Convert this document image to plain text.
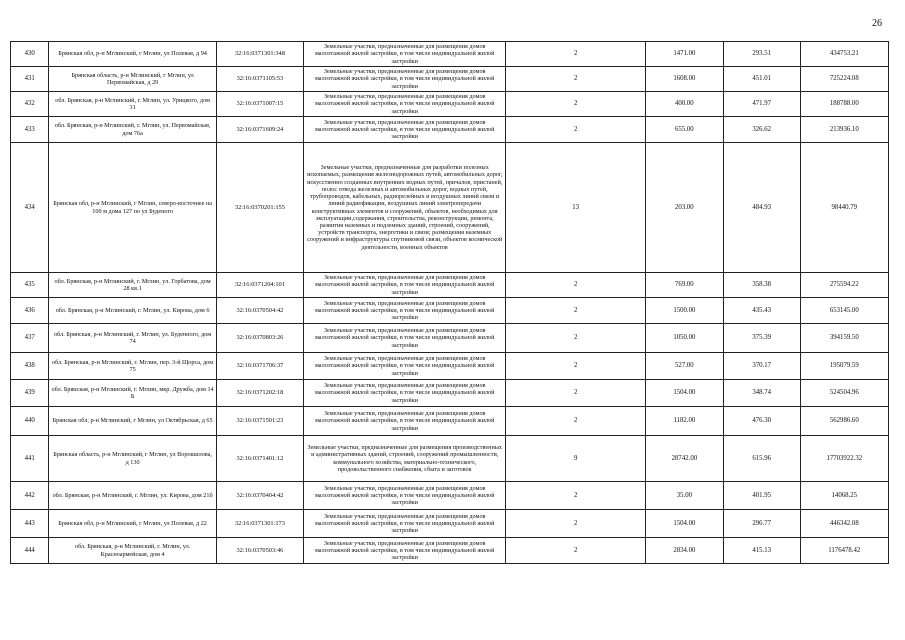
26
430	Брянская обл, р-н Мглинский, г Мглин, ул Полевая, д 94	32:16:0371301:348	Земельные участки, предназначенные для размещения домов малоэтажной жилой застройки, в том числе индивидуальной жилой застройки	2	1471.00	293.51	434753.21
431	Брянская область, р-н Мглинский, г Мглин, ул Первомайская, д 29	32:16:0371105:53	Земельные участки, предназначенные для размещения домов малоэтажной жилой застройки, в том числе индивидуальной жилой застройки	2	1608.00	451.01	725224.08
432	обл. Брянская, р-н Мглинский, г. Мглин, ул. Урицкого, дом 31	32:16:0371007:15	Земельные участки, предназначенные для размещения домов малоэтажной жилой застройки, в том числе индивидуальной жилой застройки	2	400.00	471.97	188788.00
433	обл. Брянская, р-н Мглинский, г. Мглин, ул. Первомайская, дом 76а	32:16:0371609:24	Земельные участки, предназначенные для размещения домов малоэтажной жилой застройки, в том числе индивидуальной жилой застройки	2	655.00	326.62	213936.10
434	Брянская обл, р-н Мглинский, г Мглин, северо-восточнее на 100 м дома 127 по ул Буденого	32:16:0370201:155	Земельные участки, предназначенные для разработки полезных ископаемых, размещения железнодорожных путей, автомобильных дорог, искусственно созданных внутренних водных путей, причалов, пристаней, полос отвода железных и автомобильных дорог, водных путей, трубопроводов, кабельных, радиорелейных и воздушных линий связи и линий радиофикации, воздушных линий электропередачи конструктивных элементов и сооружений, объектов, необходимых для эксплуатации,содержания, строительства, реконструкции, ремонта, развития наземных и подземных зданий, строений, сооружений, устройств транспорта, энергетики и связи; размещения наземных сооружений и инфраструктуры спутниковой связи, объектов космической деятельности, военных объектов	13	203.00	484.93	98440.79
435	обл. Брянская, р-н Мглинский, г. Мглин, ул. Горбатова, дом 28 кв.1	32:16:0371204:101	Земельные участки, предназначенные для размещения домов малоэтажной жилой застройки, в том числе индивидуальной жилой застройки	2	769.00	358.38	275594.22
436	обл. Брянская, р-н Мглинский, г. Мглин, ул. Кирова, дом 6	32:16:0370504:42	Земельные участки, предназначенные для размещения домов малоэтажной жилой застройки, в том числе индивидуальной жилой застройки	2	1500.00	435.43	653145.00
437	обл. Брянская, р-н Мглинский, г. Мглин, ул. Буденного, дом 74	32:16:0370803:26	Земельные участки, предназначенные для размещения домов малоэтажной жилой застройки, в том числе индивидуальной жилой застройки	2	1050.00	375.39	394159.50
438	обл. Брянская, р-н Мглинский, г. Мглин, пер. 3-й Щорса, дом 75	32:16:0371706:37	Земельные участки, предназначенные для размещения домов малоэтажной жилой застройки, в том числе индивидуальной жилой застройки	2	527.00	370.17	195079.59
439	обл. Брянская, р-н Мглинский, г. Мглин, мкр. Дружба, дом 14 Б	32:16:0371202:18	Земельные участки, предназначенные для размещения домов малоэтажной жилой застройки, в том числе индивидуальной жилой застройки	2	1504.00	348.74	524504.96
440	Брянская обл, р-н Мглинский, г Мглин, ул Октябрьская, д 65	32:16:0371501:23	Земельные участки, предназначенные для размещения домов малоэтажной жилой застройки, в том числе индивидуальной жилой застройки	2	1182.00	476.30	562986.60
441	Брянская область, р-н Мглинский, г Мглин, ул Ворошилова, д 130	32:16:0371401:12	Земельные участки, предназначенные для размещения производственных и административных зданий, строений, сооружений промышленности, коммунального хозяйства, материально-технического, продовольственного снабжения, сбыта и заготовок	9	28742.00	615.96	17703922.32
442	обл. Брянская, р-н Мглинский, г. Мглин, ул. Кирова, дом 21б	32:16:0370404:42	Земельные участки, предназначенные для размещения домов малоэтажной жилой застройки, в том числе индивидуальной жилой застройки	2	35.00	401.95	14068.25
443	Брянская обл, р-н Мглинский, г Мглин, ул Полевая, д 22	32:16:0371301:173	Земельные участки, предназначенные для размещения домов малоэтажной жилой застройки, в том числе индивидуальной жилой застройки	2	1504.00	296.77	446342.08
444	обл. Брянская, р-н Мглинский, г. Мглин, ул. Красноармейская, дом 4	32:16:0370503:46	Земельные участки, предназначенные для размещения домов малоэтажной жилой застройки, в том числе индивидуальной жилой застройки	2	2834.00	415.13	1176478.42
